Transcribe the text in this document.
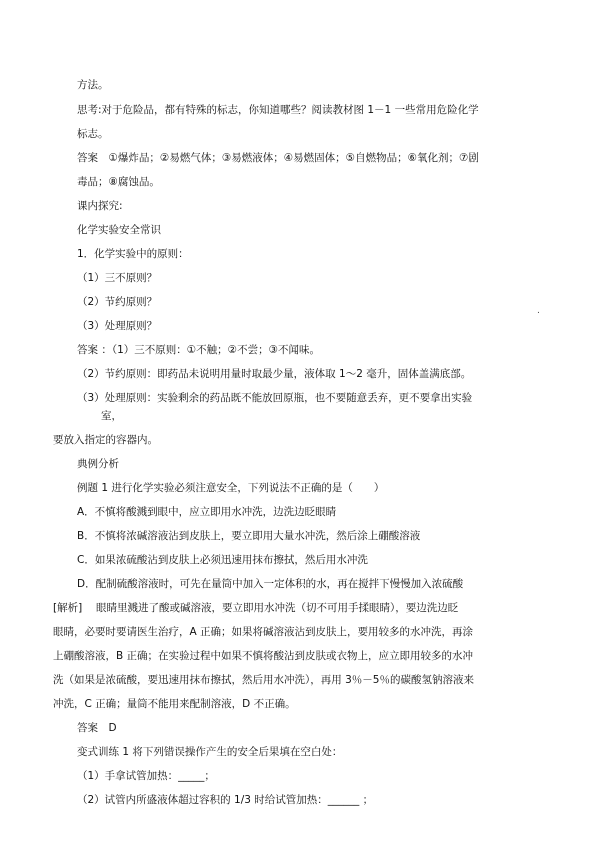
方法。
思考:对于危险品，都有特殊的标志，你知道哪些？阅读教材图 1－1 一些常用危险化学
标志。
答案　①爆炸品；②易燃气体；③易燃液体；④易燃固体；⑤自燃物品；⑥氧化剂；⑦剧
毒品；⑧腐蚀品。
课内探究:
化学实验安全常识
1．化学实验中的原则：
（1）三不原则？
（2）节约原则？
（3）处理原则？
答案 ：（1）三不原则：①不触；②不尝；③不闻味。
（2）节约原则：即药品未说明用量时取最少量，液体取 1～2 毫升，固体盖满底部。
（3）处理原则：实验剩余的药品既不能放回原瓶，也不要随意丢弃，更不要拿出实验
室，
要放入指定的容器内。
典例分析
例题 1 进行化学实验必须注意安全，下列说法不正确的是（　　）
A．不慎将酸溅到眼中，应立即用水冲洗，边洗边眨眼睛
B．不慎将浓碱溶液沾到皮肤上，要立即用大量水冲洗，然后涂上硼酸溶液
C．如果浓硫酸沾到皮肤上必须迅速用抹布擦拭，然后用水冲洗
D．配制硫酸溶液时，可先在量筒中加入一定体积的水，再在搅拌下慢慢加入浓硫酸
[解析]　 眼睛里溅进了酸或碱溶液，要立即用水冲洗（切不可用手揉眼睛），要边洗边眨
眼睛，必要时要请医生治疗，A 正确；如果将碱溶液沾到皮肤上，要用较多的水冲洗，再涂
上硼酸溶液，B 正确；在实验过程中如果不慎将酸沾到皮肤或衣物上，应立即用较多的水冲
洗（如果是浓硫酸，要迅速用抹布擦拭，然后用水冲洗），再用 3％－5％的碳酸氢钠溶液来
冲洗，C 正确；量筒不能用来配制溶液，D 不正确。
答案　D
变式训练 1 将下列错误操作产生的安全后果填在空白处：
（1）手拿试管加热：_____；
（2）试管内所盛液体超过容积的 1/3 时给试管加热：______ ；
.
